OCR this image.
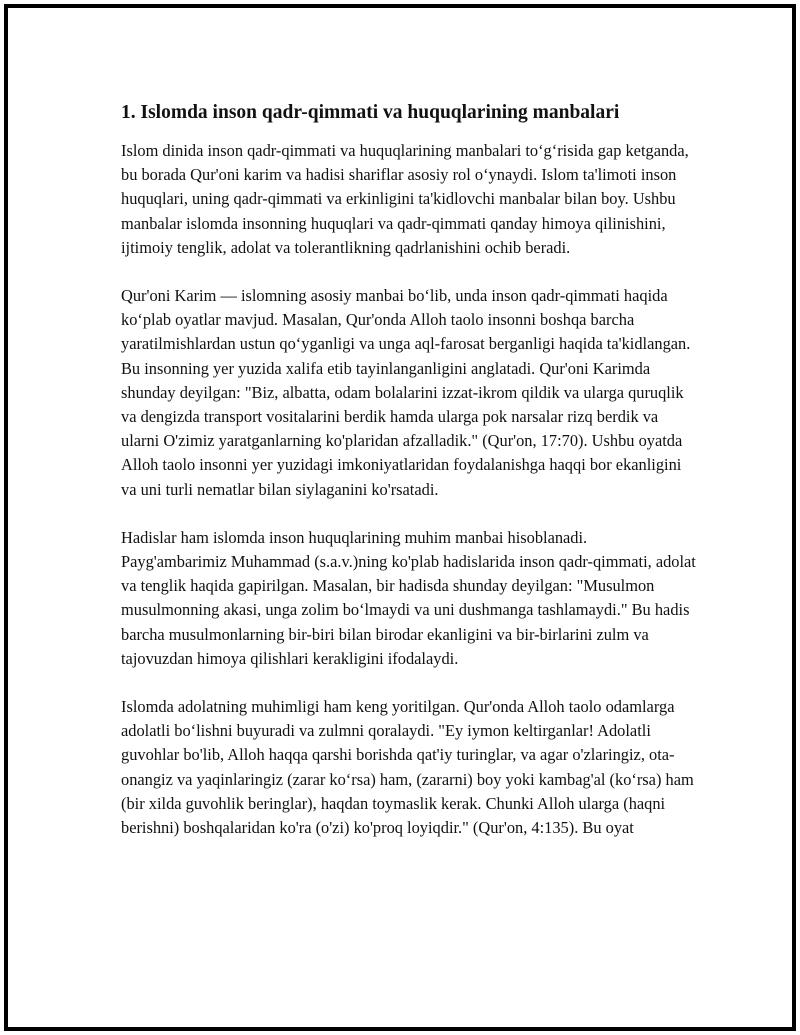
1. Islomda inson qadr-qimmati va huquqlarining manbalari

Islom dinida inson qadr-qimmati va huquqlarining manbalari to‘g‘risida gap ketganda, bu borada Qur'oni karim va hadisi shariflar asosiy rol o‘ynaydi. Islom ta'limoti inson huquqlari, uning qadr-qimmati va erkinligini ta'kidlovchi manbalar bilan boy. Ushbu manbalar islomda insonning huquqlari va qadr-qimmati qanday himoya qilinishini, ijtimoiy tenglik, adolat va tolerantlikning qadrlanishini ochib beradi.

Qur'oni Karim — islomning asosiy manbai bo‘lib, unda inson qadr-qimmati haqida ko‘plab oyatlar mavjud. Masalan, Qur'onda Alloh taolo insonni boshqa barcha yaratilmishlardan ustun qo‘yganligi va unga aql-farosat berganligi haqida ta'kidlangan. Bu insonning yer yuzida xalifa etib tayinlanganligini anglatadi. Qur'oni Karimda shunday deyilgan: "Biz, albatta, odam bolalarini izzat-ikrom qildik va ularga quruqlik va dengizda transport vositalarini berdik hamda ularga pok narsalar rizq berdik va ularni O'zimiz yaratganlarning ko'plaridan afzalladik." (Qur'on, 17:70). Ushbu oyatda Alloh taolo insonni yer yuzidagi imkoniyatlaridan foydalanishga haqqi bor ekanligini va uni turli nematlar bilan siylaganini ko'rsatadi.

Hadislar ham islomda inson huquqlarining muhim manbai hisoblanadi. Payg'ambarimiz Muhammad (s.a.v.)ning ko'plab hadislarida inson qadr-qimmati, adolat va tenglik haqida gapirilgan. Masalan, bir hadisda shunday deyilgan: "Musulmon musulmonning akasi, unga zolim bo‘lmaydi va uni dushmanga tashlamaydi." Bu hadis barcha musulmonlarning bir-biri bilan birodar ekanligini va bir-birlarini zulm va tajovuzdan himoya qilishlari kerakligini ifodalaydi.

Islomda adolatning muhimligi ham keng yoritilgan. Qur'onda Alloh taolo odamlarga adolatli bo‘lishni buyuradi va zulmni qoralaydi. "Ey iymon keltirganlar! Adolatli guvohlar bo'lib, Alloh haqqa qarshi borishda qat'iy turinglar, va agar o'zlaringiz, ota-onangiz va yaqinlaringiz (zarar ko‘rsa) ham, (zararni) boy yoki kambag'al (ko‘rsa) ham (bir xilda guvohlik beringlar), haqdan toymaslik kerak. Chunki Alloh ularga (haqni berishni) boshqalaridan ko'ra (o'zi) ko'proq loyiqdir." (Qur'on, 4:135). Bu oyat
